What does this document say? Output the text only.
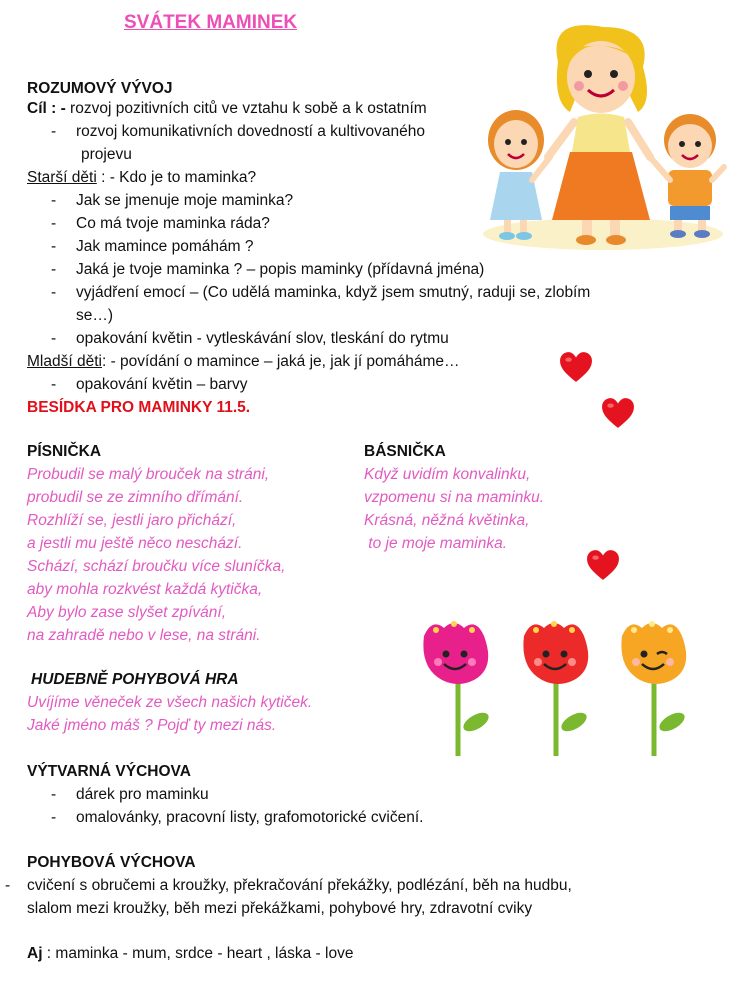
SVÁTEK MAMINEK
ROZUMOVÝ VÝVOJ
Cíl : - rozvoj pozitivních citů ve vztahu k sobě a k ostatním
- rozvoj komunikativních dovedností a kultivovaného
projevu
Starší děti : - Kdo je to maminka?
- Jak se jmenuje moje maminka?
- Co má tvoje maminka ráda?
- Jak mamince pomáhám ?
- Jaká je tvoje maminka ? – popis maminky (přídavná jména)
- vyjádření emocí – (Co udělá maminka, když jsem smutný, raduji se, zlobím
se…)
- opakování květin - vytleskávání slov, tleskání do rytmu
Mladší děti: - povídání o mamince – jaká je, jak jí pomáháme…
- opakování květin – barvy
BESÍDKA PRO MAMINKY 11.5.
PÍSNIČKA
Probudil se malý brouček na stráni,
probudil se ze zimního dřímání.
Rozhlíží se, jestli jaro přichází,
a jestli mu ještě něco neschází.
Schází, schází broučku více sluníčka,
aby mohla rozkvést každá kytička,
Aby bylo zase slyšet zpívání,
na zahradě nebo v lese, na stráni.
BÁSNIČKA
Když uvidím konvalinku,
vzpomenu si na maminku.
Krásná, něžná květinka,
to je moje maminka.
HUDEBNĚ POHYBOVÁ HRA
Uvíjíme věneček ze všech našich kytiček.
Jaké jméno máš ? Pojď ty mezi nás.
VÝTVARNÁ VÝCHOVA
- dárek pro maminku
- omalovánky, pracovní listy, grafomotorické cvičení.
POHYBOVÁ VÝCHOVA
- cvičení s obručemi a kroužky, překračování překážky, podlézání, běh na hudbu,
slalom mezi kroužky, běh mezi překážkami, pohybové hry, zdravotní cviky
Aj : maminka - mum, srdce - heart , láska - love
